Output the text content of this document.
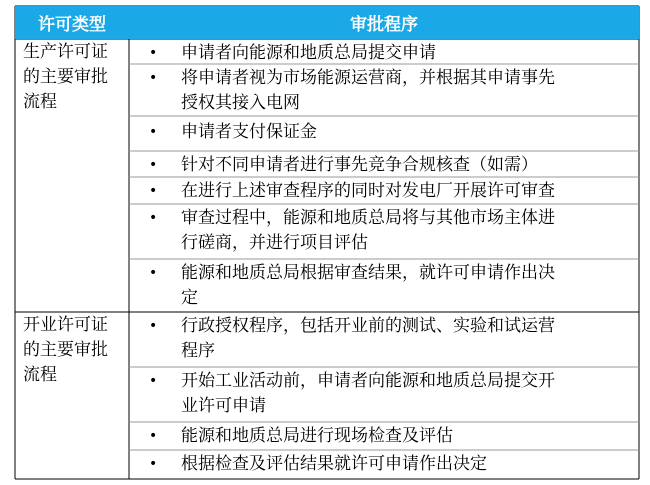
许可类型	审批程序
生产许可证
的主要审批
流程
• 申请者向能源和地质总局提交申请
• 将申请者视为市场能源运营商，并根据其申请事先
授权其接入电网
• 申请者支付保证金
• 针对不同申请者进行事先竞争合规核查（如需）
• 在进行上述审查程序的同时对发电厂开展许可审查
• 审查过程中，能源和地质总局将与其他市场主体进
行磋商，并进行项目评估
• 能源和地质总局根据审查结果，就许可申请作出决
定
开业许可证
的主要审批
流程
• 行政授权程序，包括开业前的测试、实验和试运营
程序
• 开始工业活动前，申请者向能源和地质总局提交开
业许可申请
• 能源和地质总局进行现场检查及评估
• 根据检查及评估结果就许可申请作出决定
